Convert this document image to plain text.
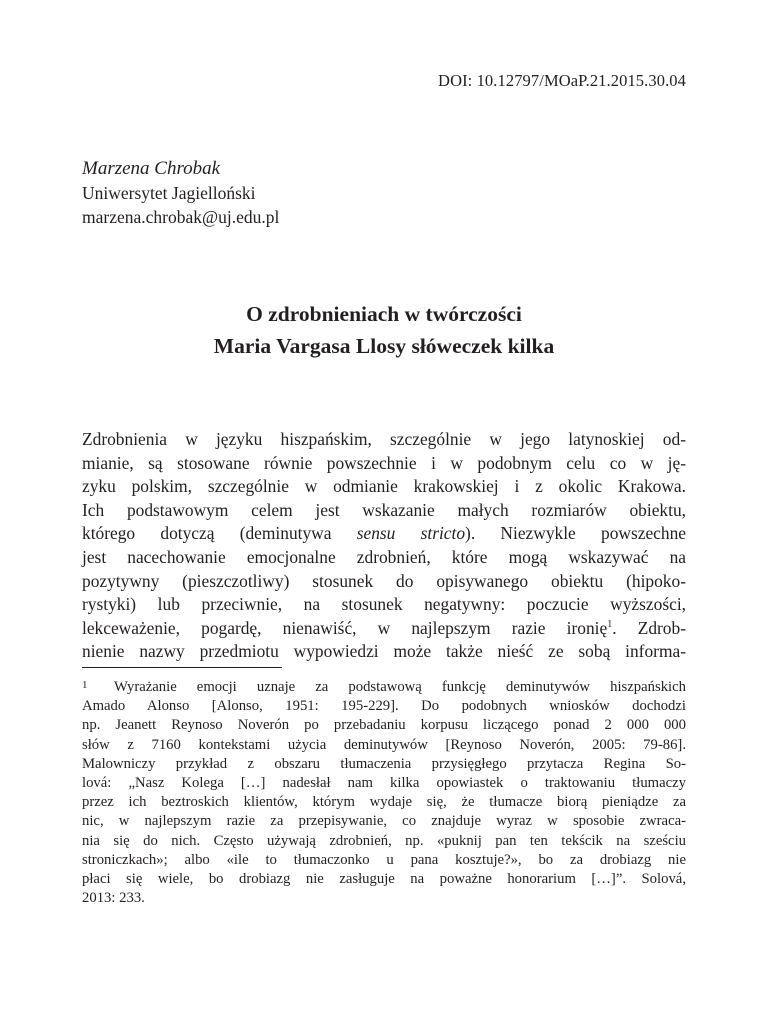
DOI: 10.12797/MOaP.21.2015.30.04
Marzena Chrobak
Uniwersytet Jagielloński
marzena.chrobak@uj.edu.pl
O zdrobnieniach w twórczości
Maria Vargasa Llosy słóweczek kilka
Zdrobnienia w języku hiszpańskim, szczególnie w jego latynoskiej od-
mianie, są stosowane równie powszechnie i w podobnym celu co w ję-
zyku polskim, szczególnie w odmianie krakowskiej i z okolic Krakowa.
Ich podstawowym celem jest wskazanie małych rozmiarów obiektu,
którego dotyczą (deminutywa sensu stricto). Niezwykle powszechne
jest nacechowanie emocjonalne zdrobnień, które mogą wskazywać na
pozytywny (pieszczotliwy) stosunek do opisywanego obiektu (hipoko-
rystyki) lub przeciwnie, na stosunek negatywny: poczucie wyższości,
lekceważenie, pogardę, nienawiść, w najlepszym razie ironię$^1$. Zdrob-
nienie nazwy przedmiotu wypowiedzi może także nieść ze sobą informa-
1 Wyrażanie emocji uznaje za podstawową funkcję deminutywów hiszpańskich
Amado Alonso [Alonso, 1951: 195-229]. Do podobnych wniosków dochodzi
np. Jeanett Reynoso Noverón po przebadaniu korpusu liczącego ponad 2 000 000
słów z 7160 kontekstami użycia deminutywów [Reynoso Noverón, 2005: 79-86].
Malowniczy przykład z obszaru tłumaczenia przysięgłego przytacza Regina So-
lová: „Nasz Kolega […] nadesłał nam kilka opowiastek o traktowaniu tłumaczy
przez ich beztroskich klientów, którym wydaje się, że tłumacze biorą pieniądze za
nic, w najlepszym razie za przepisywanie, co znajduje wyraz w sposobie zwraca-
nia się do nich. Często używają zdrobnień, np. «puknij pan ten tekścik na sześciu
stroniczkach»; albo «ile to tłumaczonko u pana kosztuje?», bo za drobiazg nie
płaci się wiele, bo drobiazg nie zasługuje na poważne honorarium […]”. Solová,
2013: 233.
